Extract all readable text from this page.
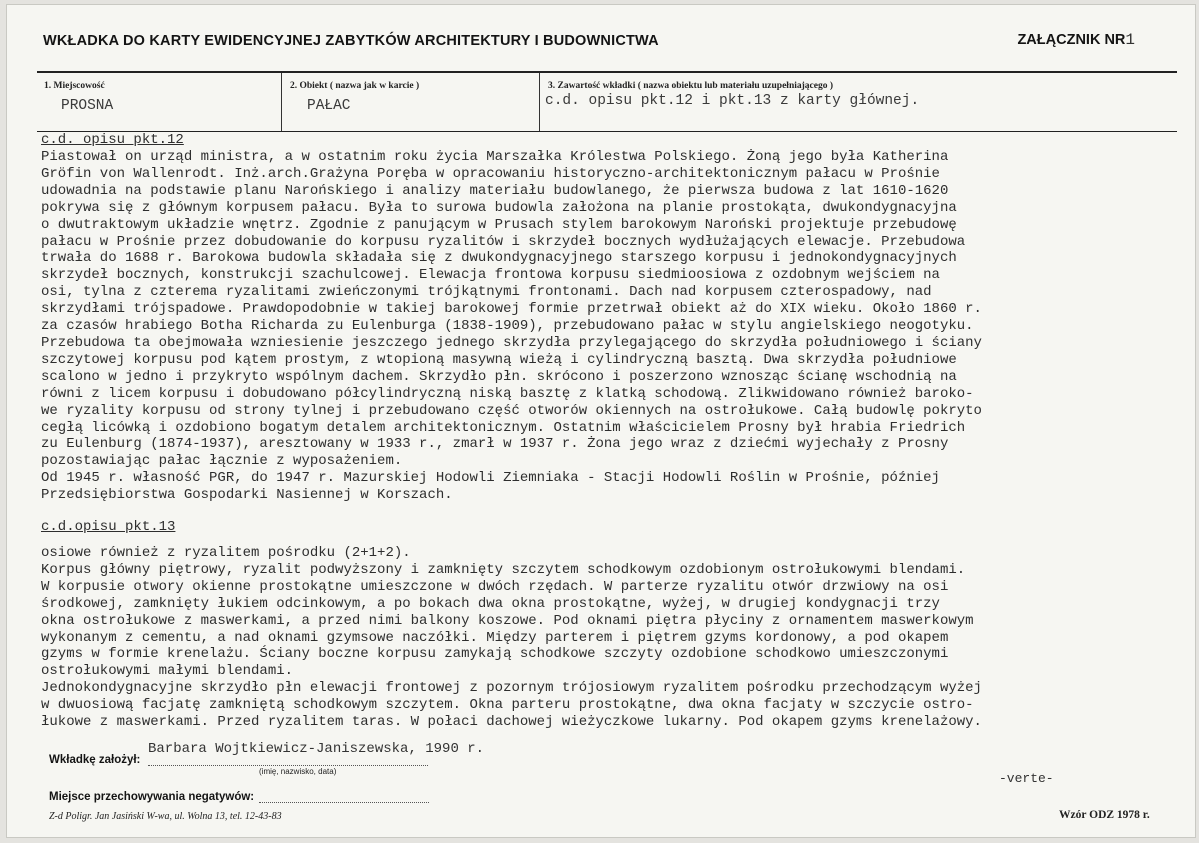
WKŁADKA DO KARTY EWIDENCYJNEJ ZABYTKÓW ARCHITEKTURY I BUDOWNICTWA	ZAŁĄCZNIK NR1
1. Miejscowość
PROSNA
2. Obiekt ( nazwa jak w karcie )
PAŁAC
3. Zawartość wkładki ( nazwa obiektu lub materiału uzupełniającego )
c.d. opisu pkt.12 i pkt.13 z karty głównej.
c.d. opisu pkt.12

Piastował on urząd ministra, a w ostatnim roku życia Marszałka Królestwa Polskiego. Żoną jego była Katherina

Gröfin von Wallenrodt. Inż.arch.Grażyna Poręba w opracowaniu historyczno-architektonicznym pałacu w Prośnie

udowadnia na podstawie planu Narońskiego i analizy materiału budowlanego, że pierwsza budowa z lat 1610-1620

pokrywa się z głównym korpusem pałacu. Była to surowa budowla założona na planie prostokąta, dwukondygnacyjna

o dwutraktowym układzie wnętrz. Zgodnie z panującym w Prusach stylem barokowym Naroński projektuje przebudowę

pałacu w Prośnie przez dobudowanie do korpusu ryzalitów i skrzydeł bocznych wydłużających elewacje. Przebudowa

trwała do 1688 r. Barokowa budowla składała się z dwukondygnacyjnego starszego korpusu i jednokondygnacyjnych

skrzydeł bocznych, konstrukcji szachulcowej. Elewacja frontowa korpusu siedmioosiowa z ozdobnym wejściem na

osi, tylna z czterema ryzalitami zwieńczonymi trójkątnymi frontonami. Dach nad korpusem czterospadowy, nad

skrzydłami trójspadowe. Prawdopodobnie w takiej barokowej formie przetrwał obiekt aż do XIX wieku. Około 1860 r.

za czasów hrabiego Botha Richarda zu Eulenburga (1838-1909), przebudowano pałac w stylu angielskiego neogotyku.

Przebudowa ta obejmowała wzniesienie jeszczego jednego skrzydła przylegającego do skrzydła południowego i ściany

szczytowej korpusu pod kątem prostym, z wtopioną masywną wieżą i cylindryczną basztą. Dwa skrzydła południowe

scalono w jedno i przykryto wspólnym dachem. Skrzydło płn. skrócono i poszerzono wznosząc ścianę wschodnią na

równi z licem korpusu i dobudowano półcylindryczną niską basztę z klatką schodową. Zlikwidowano również baroko-

we ryzality korpusu od strony tylnej i przebudowano część otworów okiennych na ostrołukowe. Całą budowlę pokryto

cegłą licówką i ozdobiono bogatym detalem architektonicznym. Ostatnim właścicielem Prosny był hrabia Friedrich

zu Eulenburg (1874-1937), aresztowany w 1933 r., zmarł w 1937 r. Żona jego wraz z dziećmi wyjechały z Prosny

pozostawiając pałac łącznie z wyposażeniem.

Od 1945 r. własność PGR, do 1947 r. Mazurskiej Hodowli Ziemniaka - Stacji Hodowli Roślin w Prośnie, później

Przedsiębiorstwa Gospodarki Nasiennej w Korszach.

c.d.opisu pkt.13

osiowe również z ryzalitem pośrodku (2+1+2).

Korpus główny piętrowy, ryzalit podwyższony i zamknięty szczytem schodkowym ozdobionym ostrołukowymi blendami.

W korpusie otwory okienne prostokątne umieszczone w dwóch rzędach. W parterze ryzalitu otwór drzwiowy na osi

środkowej, zamknięty łukiem odcinkowym, a po bokach dwa okna prostokątne, wyżej, w drugiej kondygnacji trzy

okna ostrołukowe z maswerkami, a przed nimi balkony koszowe. Pod oknami piętra płyciny z ornamentem maswerkowym

wykonanym z cementu, a nad oknami gzymsowe naczółki. Między parterem i piętrem gzyms kordonowy, a pod okapem

gzyms w formie krenelażu. Ściany boczne korpusu zamykają schodkowe szczyty ozdobione schodkowo umieszczonymi

ostrołukowymi małymi blendami.

Jednokondygnacyjne skrzydło płn elewacji frontowej z pozornym trójosiowym ryzalitem pośrodku przechodzącym wyżej

w dwuosiową facjatę zamkniętą schodkowym szczytem. Okna parteru prostokątne, dwa okna facjaty w szczycie ostro-

łukowe z maswerkami. Przed ryzalitem taras. W połaci dachowej wieżyczkowe lukarny. Pod okapem gzyms krenelażowy.

Wkładkę założył:
Barbara Wojtkiewicz-Janiszewska, 1990 r.
(imię, nazwisko, data)	-verte-
Miejsce przechowywania negatywów:
Z-d Poligr. Jan Jasiński W-wa, ul. Wolna 13, tel. 12-43-83	Wzór ODZ 1978 r.
